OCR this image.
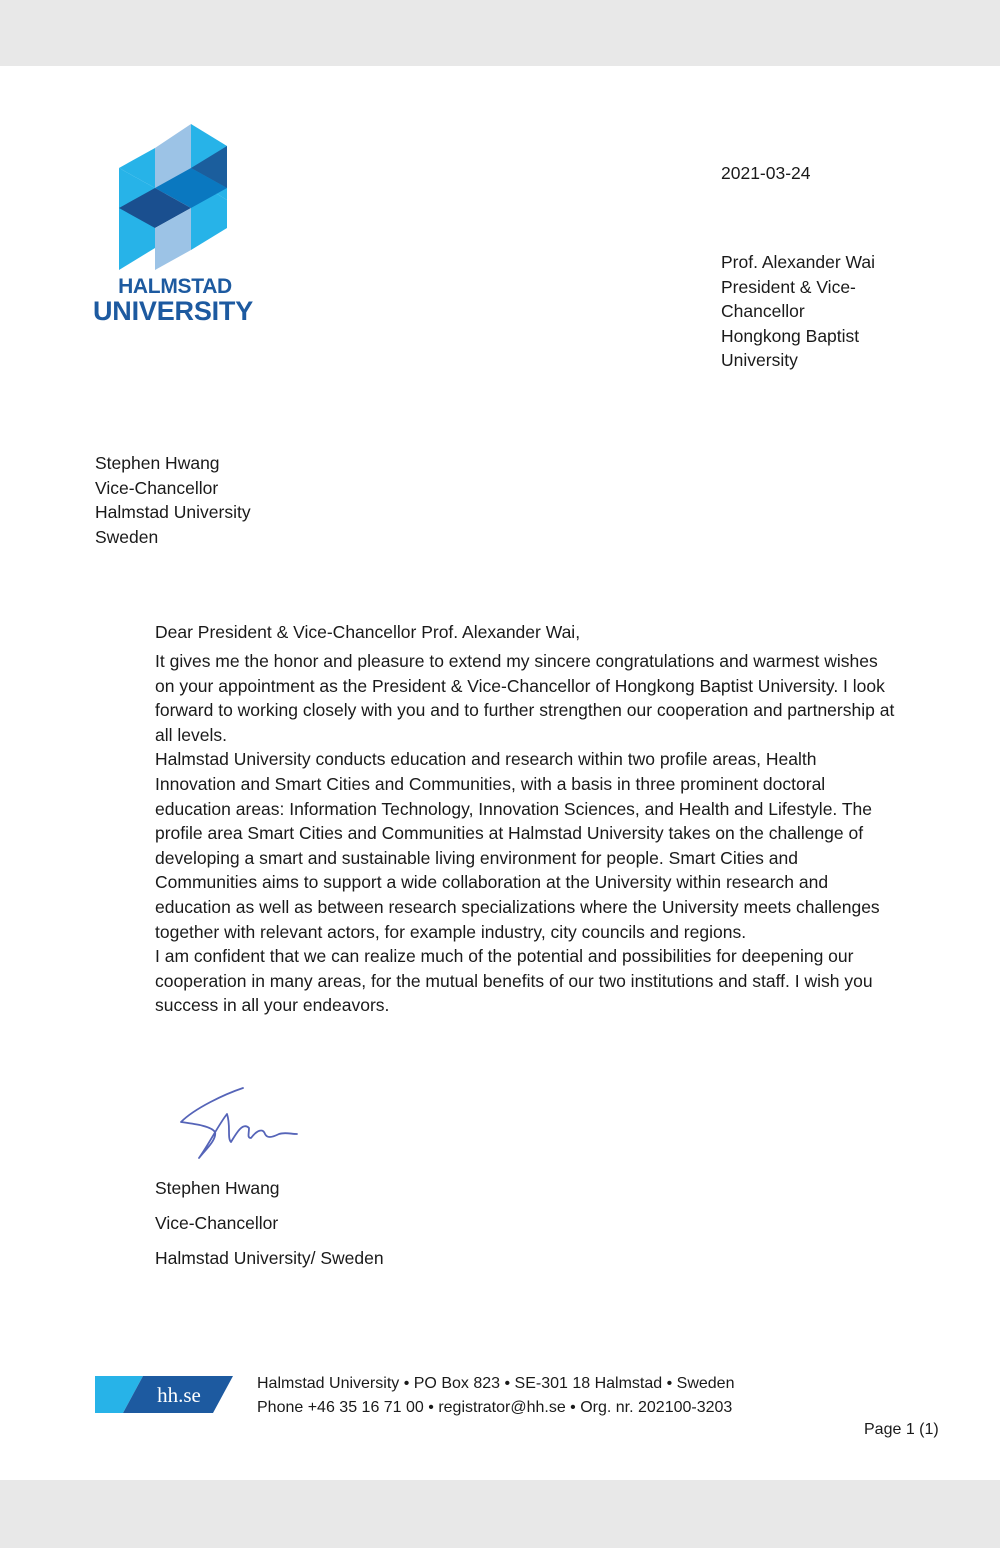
HALMSTAD
UNIVERSITY
2021-03-24
Prof. Alexander Wai
President & Vice-
Chancellor
Hongkong Baptist
University
Stephen Hwang
Vice-Chancellor
Halmstad University
Sweden
Dear President & Vice-Chancellor Prof. Alexander Wai,

It gives me the honor and pleasure to extend my sincere congratulations and warmest wishes on your appointment as the President & Vice-Chancellor of Hongkong Baptist University. I look forward to working closely with you and to further strengthen our cooperation and partnership at all levels.

Halmstad University conducts education and research within two profile areas, Health Innovation and Smart Cities and Communities, with a basis in three prominent doctoral education areas: Information Technology, Innovation Sciences, and Health and Lifestyle. The profile area Smart Cities and Communities at Halmstad University takes on the challenge of developing a smart and sustainable living environment for people. Smart Cities and Communities aims to support a wide collaboration at the University within research and education as well as between research specializations where the University meets challenges together with relevant actors, for example industry, city councils and regions.

I am confident that we can realize much of the potential and possibilities for deepening our cooperation in many areas, for the mutual benefits of our two institutions and staff. I wish you success in all your endeavors.

Stephen Hwang
Vice-Chancellor
Halmstad University/ Sweden
hh.se	Halmstad University • PO Box 823 • SE-301 18 Halmstad • Sweden
Phone +46 35 16 71 00 • registrator@hh.se • Org. nr. 202100-3203
Page 1 (1)
